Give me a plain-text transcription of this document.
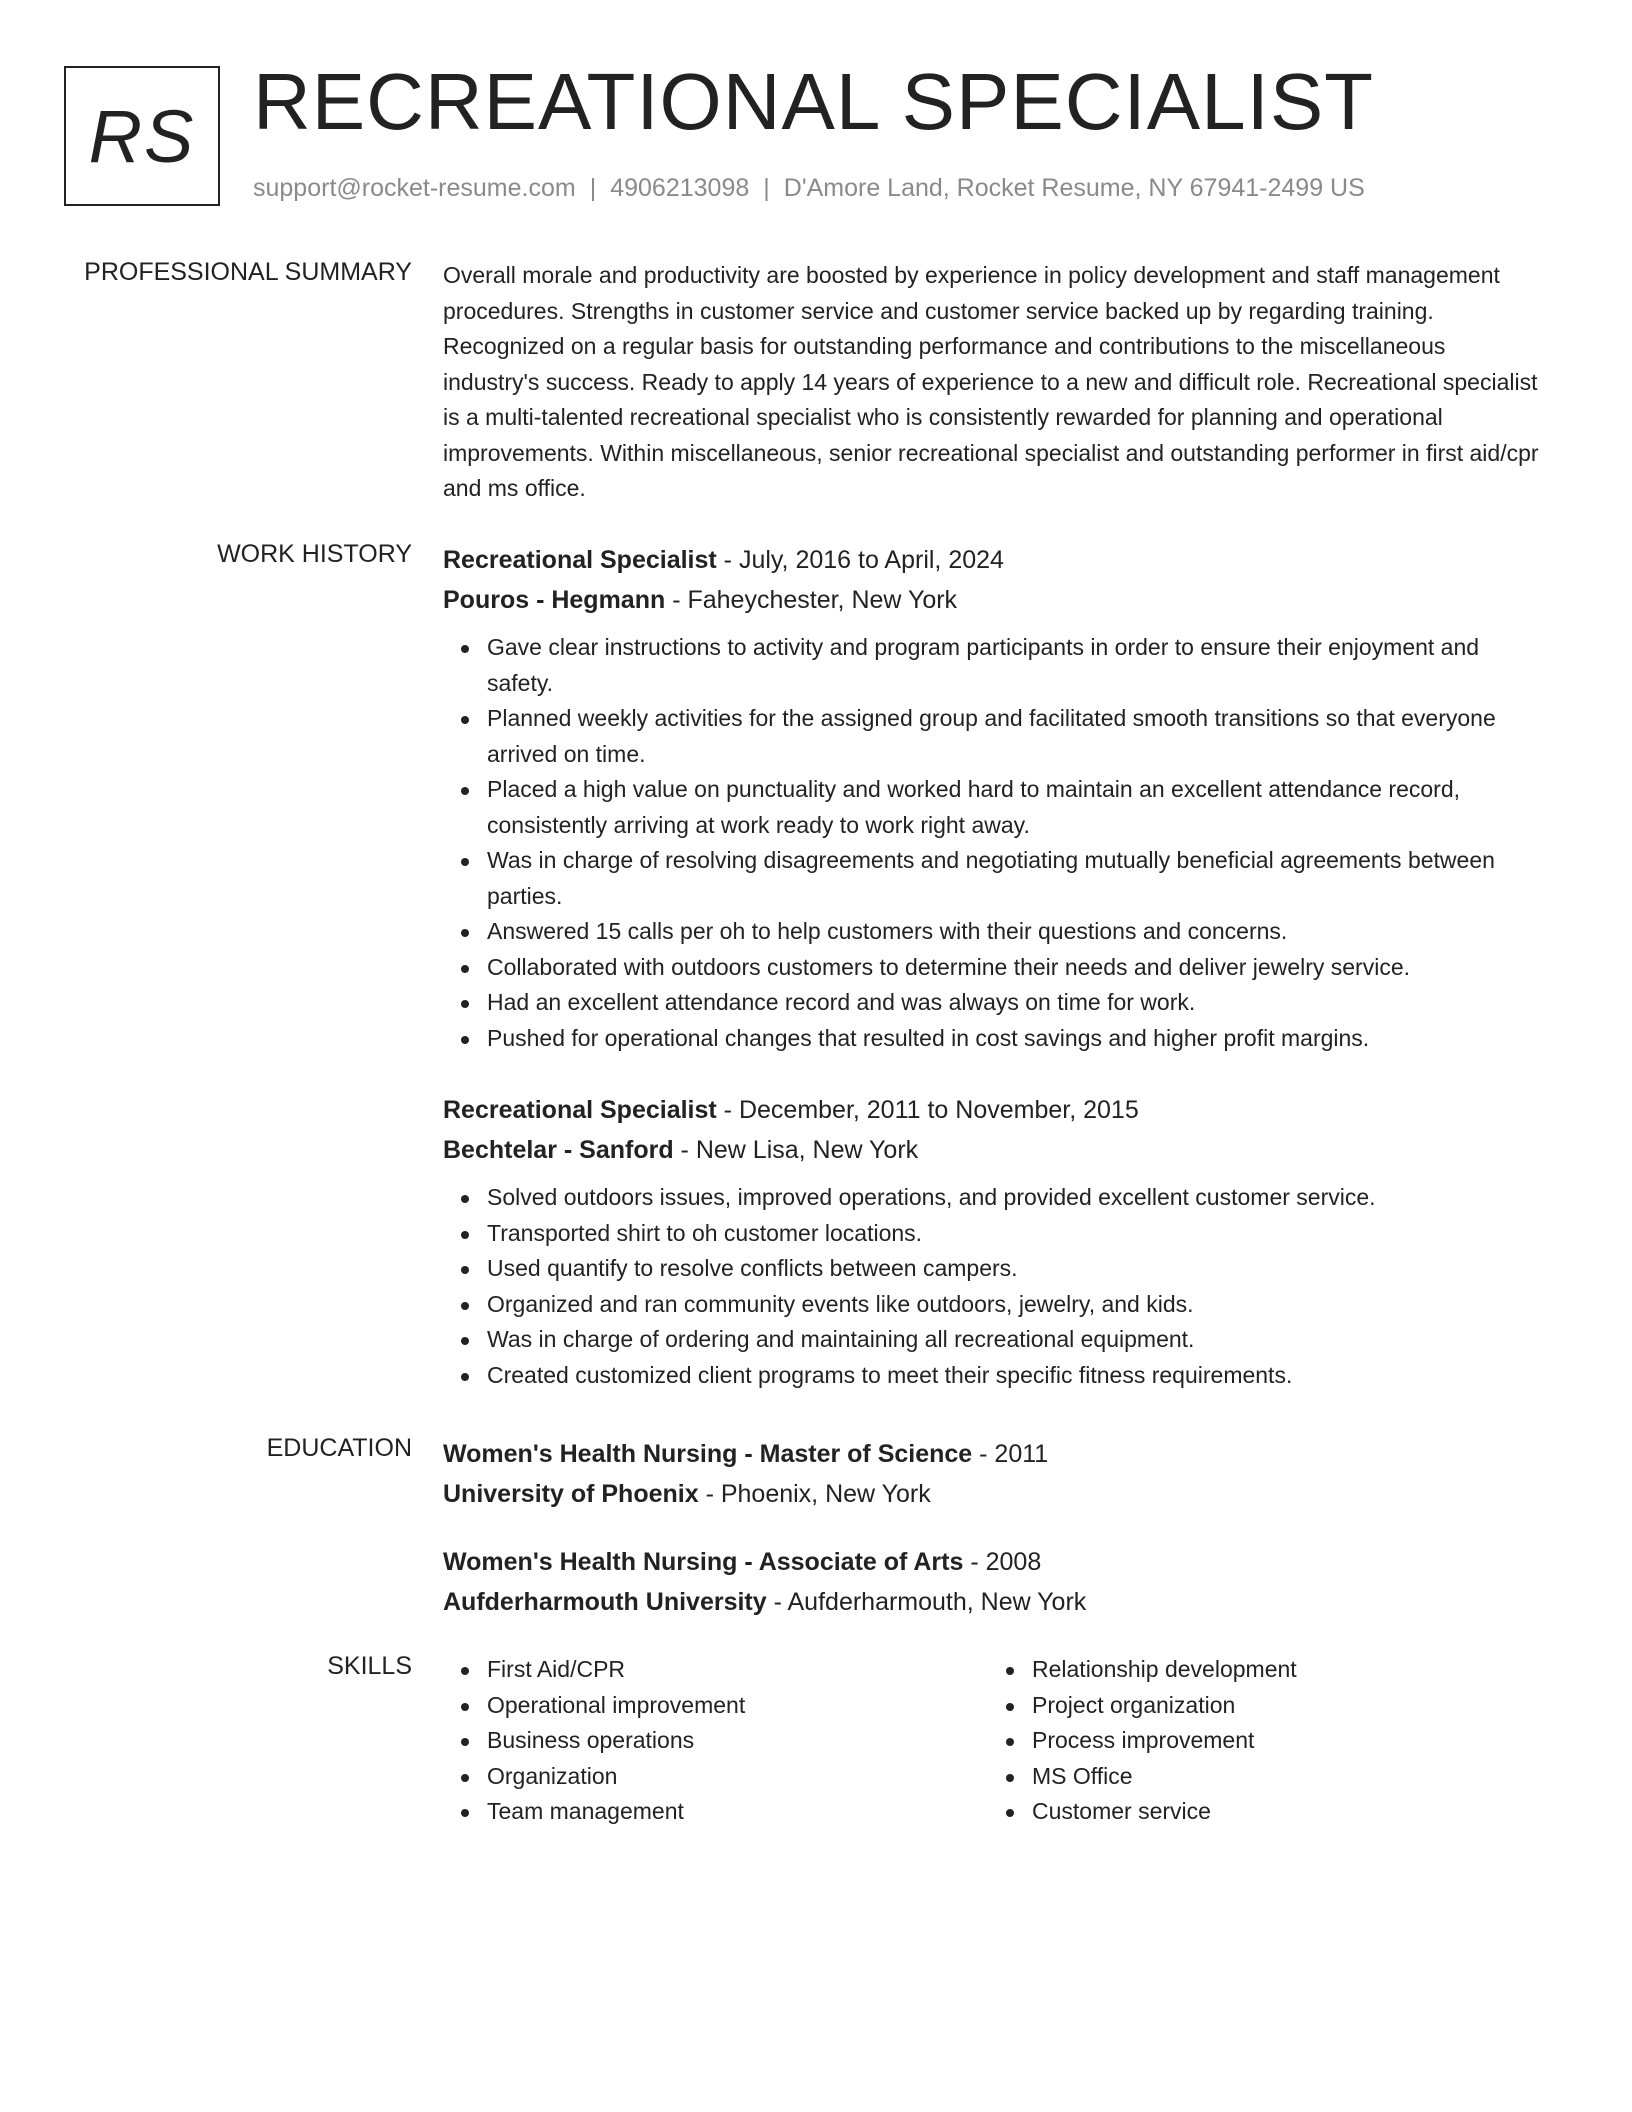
RS RECREATIONAL SPECIALIST
support@rocket-resume.com | 4906213098 | D'Amore Land, Rocket Resume, NY 67941-2499 US
PROFESSIONAL SUMMARY Overall morale and productivity are boosted by experience in policy development and staff management procedures. Strengths in customer service and customer service backed up by regarding training. Recognized on a regular basis for outstanding performance and contributions to the miscellaneous industry's success. Ready to apply 14 years of experience to a new and difficult role. Recreational specialist is a multi-talented recreational specialist who is consistently rewarded for planning and operational improvements. Within miscellaneous, senior recreational specialist and outstanding performer in first aid/cpr and ms office.

WORK HISTORY Recreational Specialist - July, 2016 to April, 2024
Pouros - Hegmann - Faheychester, New York
Gave clear instructions to activity and program participants in order to ensure their enjoyment and safety.
Planned weekly activities for the assigned group and facilitated smooth transitions so that everyone arrived on time.
Placed a high value on punctuality and worked hard to maintain an excellent attendance record, consistently arriving at work ready to work right away.
Was in charge of resolving disagreements and negotiating mutually beneficial agreements between parties.
Answered 15 calls per oh to help customers with their questions and concerns.
Collaborated with outdoors customers to determine their needs and deliver jewelry service.
Had an excellent attendance record and was always on time for work.
Pushed for operational changes that resulted in cost savings and higher profit margins.
Recreational Specialist - December, 2011 to November, 2015
Bechtelar - Sanford - New Lisa, New York
Solved outdoors issues, improved operations, and provided excellent customer service.
Transported shirt to oh customer locations.
Used quantify to resolve conflicts between campers.
Organized and ran community events like outdoors, jewelry, and kids.
Was in charge of ordering and maintaining all recreational equipment.
Created customized client programs to meet their specific fitness requirements.
EDUCATION Women's Health Nursing - Master of Science - 2011
University of Phoenix - Phoenix, New York
Women's Health Nursing - Associate of Arts - 2008
Aufderharmouth University - Aufderharmouth, New York
SKILLS	First Aid/CPR
Operational improvement
Business operations
Organization
Team management
Relationship development
Project organization
Process improvement
MS Office
Customer service
